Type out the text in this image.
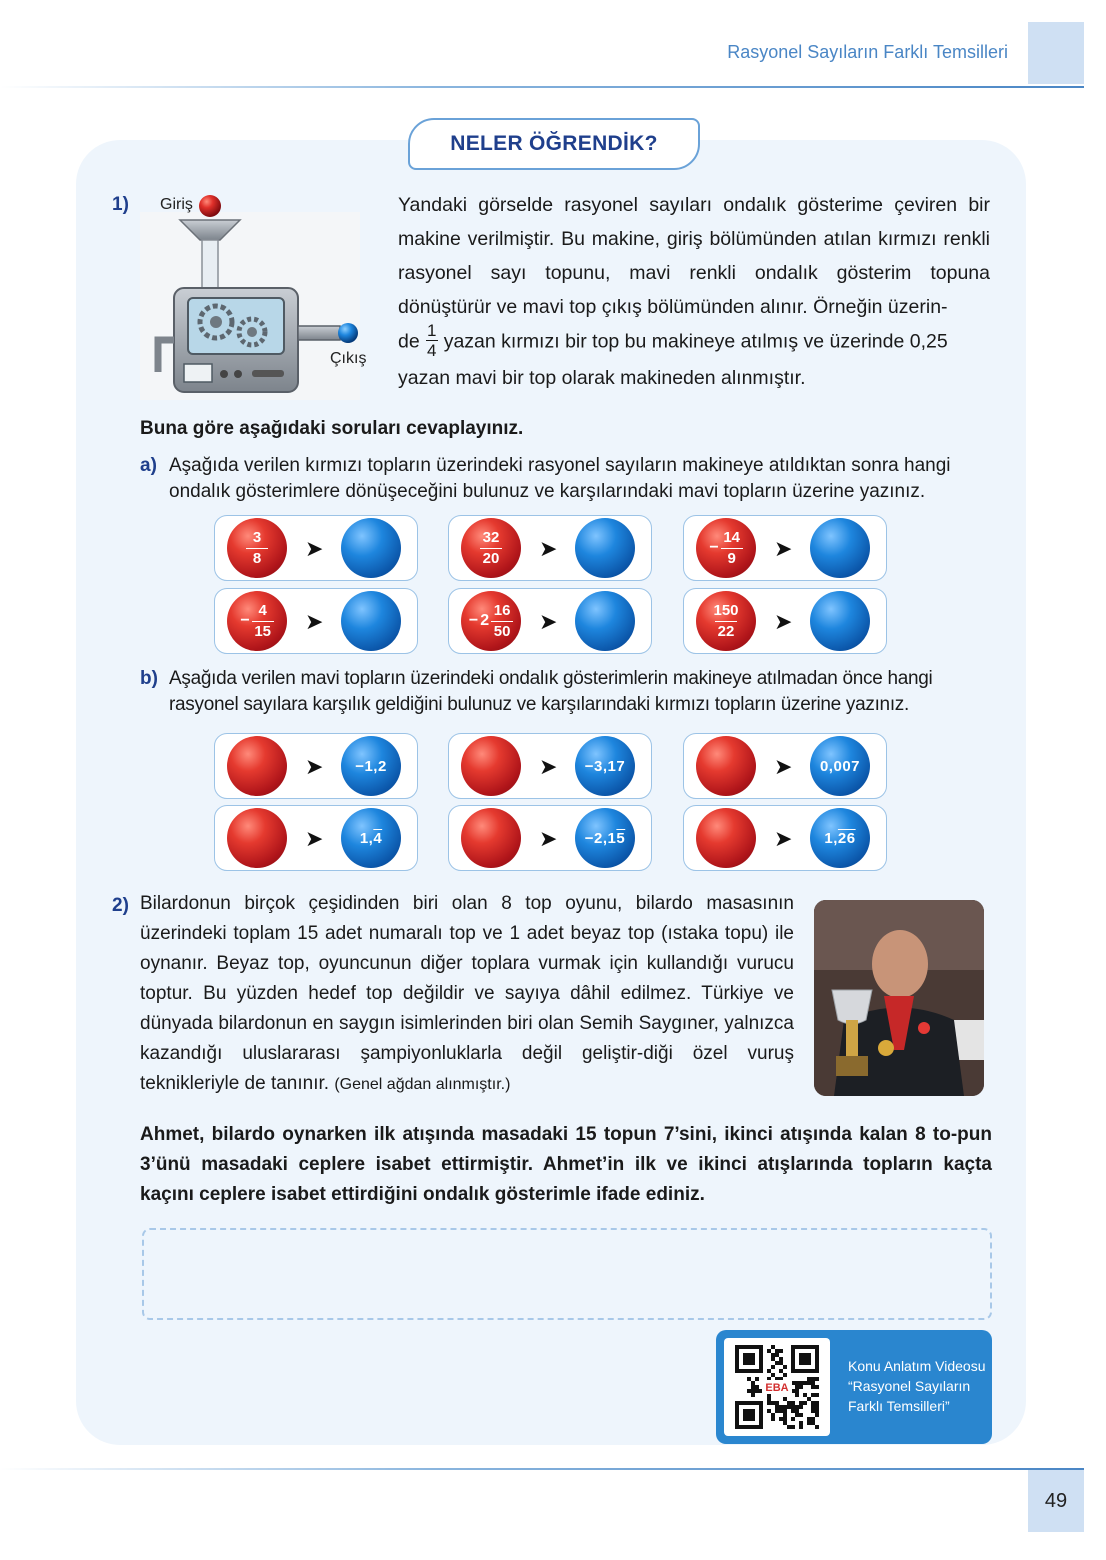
Rasyonel Sayıların Farklı Temsilleri
NELER ÖĞRENDİK?
1) Giriş
Çıkış
Yandaki görselde rasyonel sayıları ondalık gösterime çeviren bir makine verilmiştir. Bu makine, giriş bölümünden atılan kırmızı renkli rasyonel sayı topunu, mavi renkli ondalık gösterim topuna dönüştürür ve mavi top çıkış bölümünden alınır. Örneğin üzerin-
de $\frac{1}{4}$ yazan kırmızı bir top bu makineye atılmış ve üzerinde 0,25
yazan mavi bir top olarak makineden alınmıştır.
Buna göre aşağıdaki soruları cevaplayınız.
a) Aşağıda verilen kırmızı topların üzerindeki rasyonel sayıların makineye atıldıktan sonra hangi ondalık gösterimlere dönüşeceğini bulunuz ve karşılarındaki mavi topların üzerine yazınız.
b) Aşağıda verilen mavi topların üzerindeki ondalık gösterimlerin makineye atılmadan önce hangi rasyonel sayılara karşılık geldiğini bulunuz ve karşılarındaki kırmızı topların üzerine yazınız.
2) Bilardonun birçok çeşidinden biri olan 8 top oyunu, bilardo masasının üzerindeki toplam 15 adet numaralı top ve 1 adet beyaz top (ıstaka topu) ile oynanır. Beyaz top, oyuncunun diğer toplara vurmak için kullandığı vurucu toptur. Bu yüzden hedef top değildir ve sayıya dâhil edilmez. Türkiye ve dünyada bilardonun en saygın isimlerinden biri olan Semih Saygıner, yalnızca kazandığı uluslararası şampiyonluklarla değil geliştir-diği özel vuruş teknikleriyle de tanınır. (Genel ağdan alınmıştır.)
Ahmet, bilardo oynarken ilk atışında masadaki 15 topun 7’sini, ikinci atışında kalan 8 to-pun 3’ünü masadaki ceplere isabet ettirmiştir. Ahmet’in ilk ve ikinci atışlarında topların kaçta kaçını ceplere isabet ettirdiğini ondalık gösterimle ifade ediniz.
EBA
Konu Anlatım Videosu
“Rasyonel Sayıların
Farklı Temsilleri”
49
$\frac{3}{8}$ ➤	$\frac{32}{20}$ ➤	− $\frac{14}{9}$ ➤
− $\frac{4}{15}$ ➤	− $2 \frac{16}{50}$ ➤	$\frac{150}{22}$ ➤
➤ −1,2	➤ −3,17	➤ 0,007
➤ 1,4	➤ −2,15	➤ 1,26
